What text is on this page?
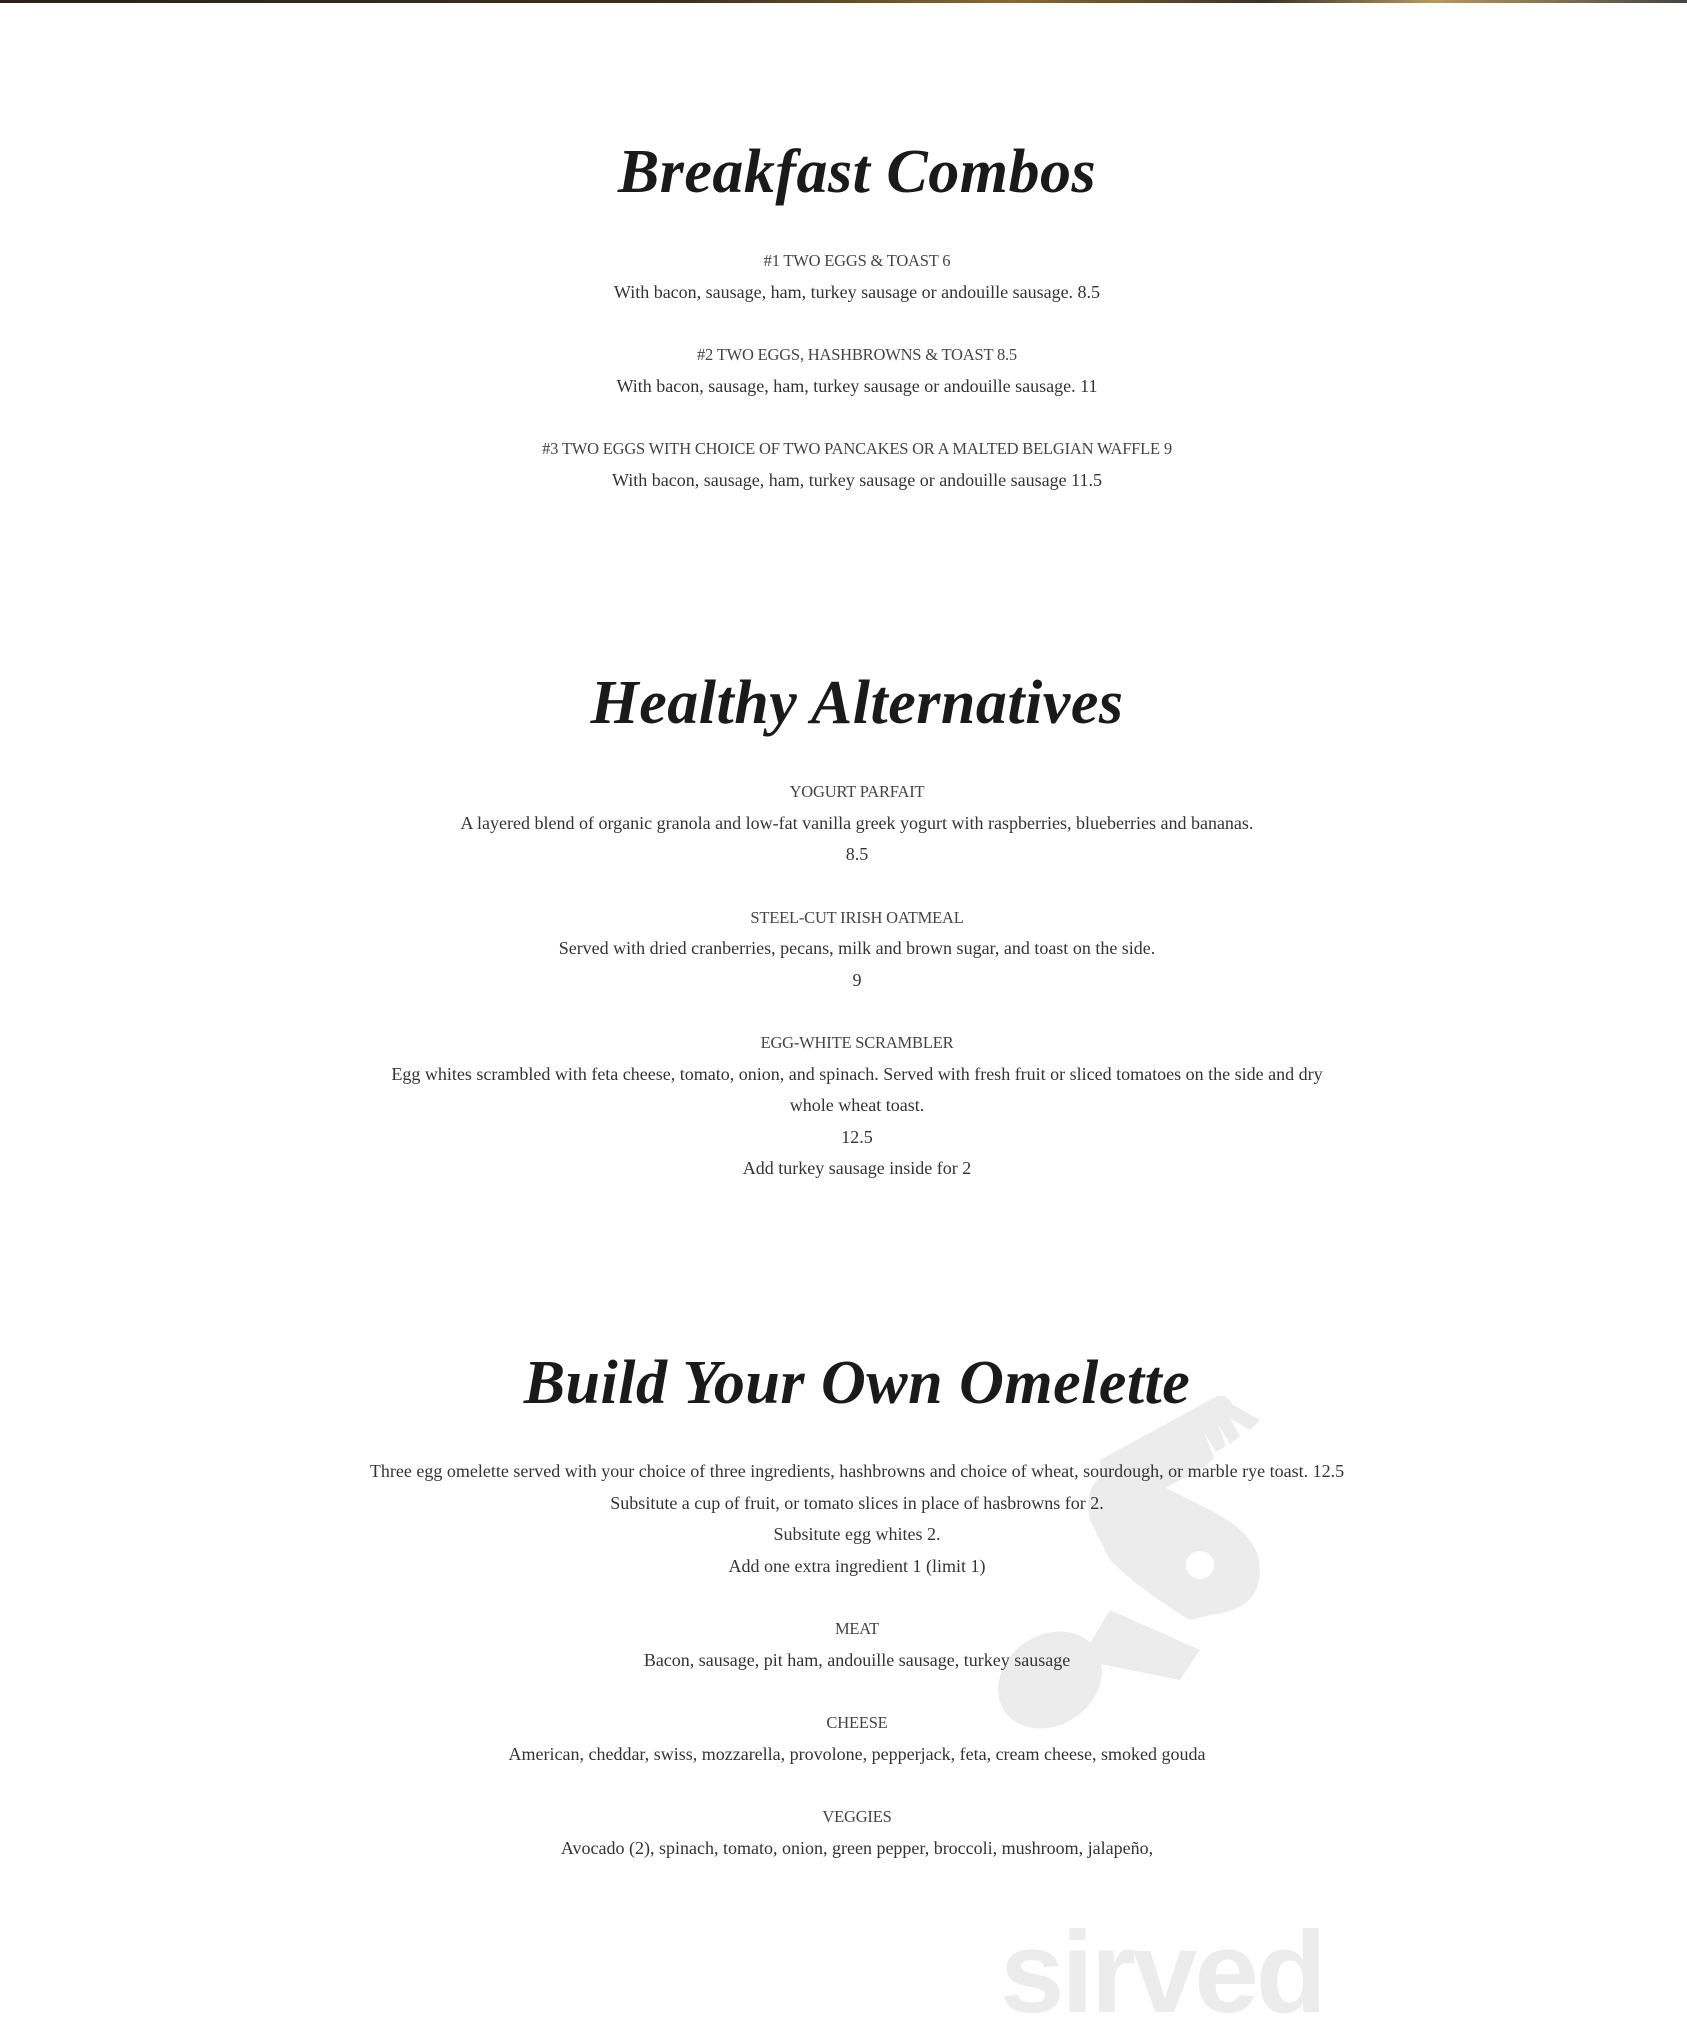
sirved
Breakfast Combos
#1 TWO EGGS & TOAST 6
With bacon, sausage, ham, turkey sausage or andouille sausage. 8.5
#2 TWO EGGS, HASHBROWNS & TOAST 8.5
With bacon, sausage, ham, turkey sausage or andouille sausage. 11
#3 TWO EGGS WITH CHOICE OF TWO PANCAKES OR A MALTED BELGIAN WAFFLE 9
With bacon, sausage, ham, turkey sausage or andouille sausage 11.5
Healthy Alternatives
YOGURT PARFAIT
A layered blend of organic granola and low-fat vanilla greek yogurt with raspberries, blueberries and bananas.
8.5
STEEL-CUT IRISH OATMEAL
Served with dried cranberries, pecans, milk and brown sugar, and toast on the side.
9
EGG-WHITE SCRAMBLER
Egg whites scrambled with feta cheese, tomato, onion, and spinach. Served with fresh fruit or sliced tomatoes on the side and dry whole wheat toast.
12.5
Add turkey sausage inside for 2
Build Your Own Omelette
Three egg omelette served with your choice of three ingredients, hashbrowns and choice of wheat, sourdough, or marble rye toast. 12.5
Subsitute a cup of fruit, or tomato slices in place of hasbrowns for 2.
Subsitute egg whites 2.
Add one extra ingredient 1 (limit 1)
MEAT
Bacon, sausage, pit ham, andouille sausage, turkey sausage
CHEESE
American, cheddar, swiss, mozzarella, provolone, pepperjack, feta, cream cheese, smoked gouda
VEGGIES
Avocado (2), spinach, tomato, onion, green pepper, broccoli, mushroom, jalapeño,
